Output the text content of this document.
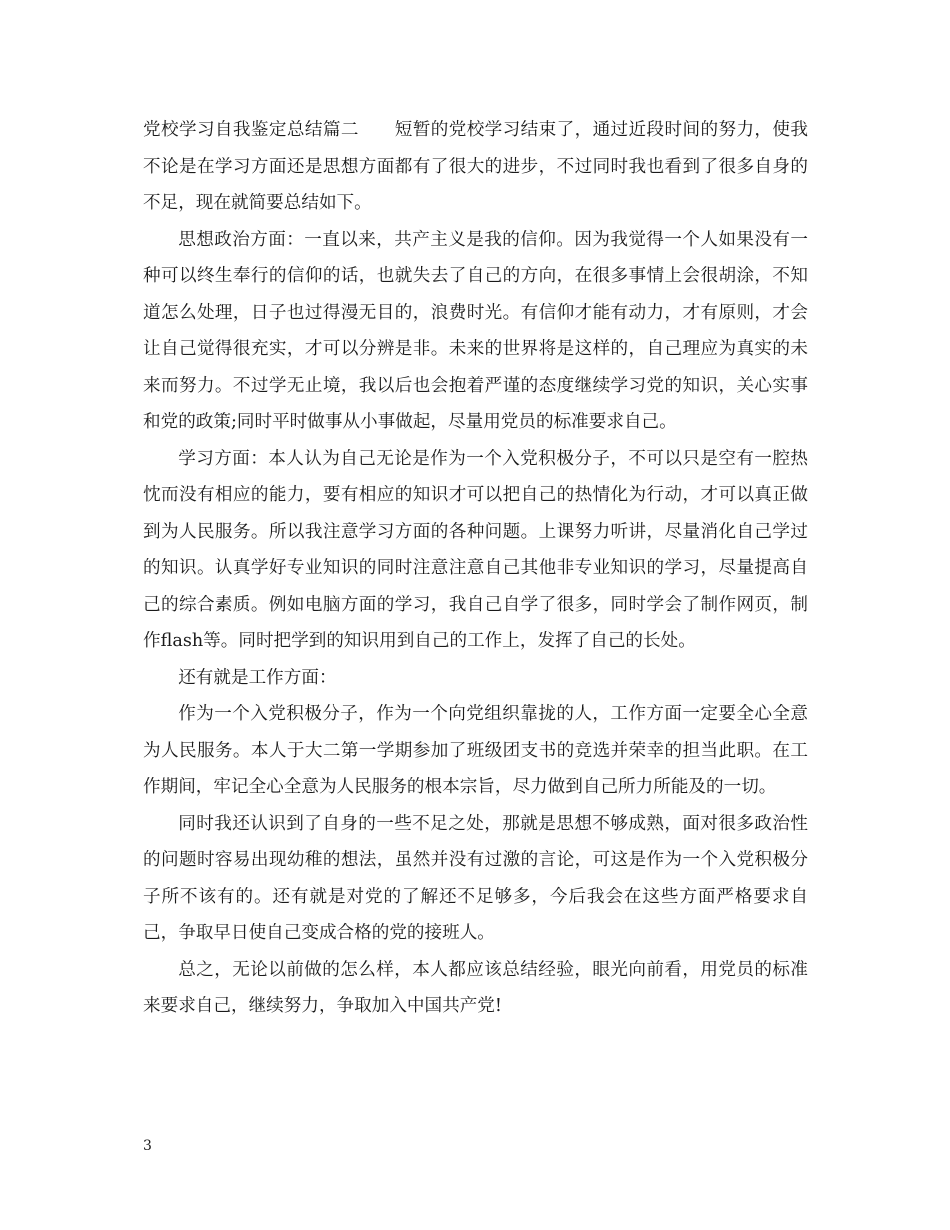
党校学习自我鉴定总结篇二　　短暂的党校学习结束了，通过近段时间的努力，使我不论是在学习方面还是思想方面都有了很大的进步，不过同时我也看到了很多自身的不足，现在就简要总结如下。

思想政治方面：一直以来，共产主义是我的信仰。因为我觉得一个人如果没有一种可以终生奉行的信仰的话，也就失去了自己的方向，在很多事情上会很胡涂，不知道怎么处理，日子也过得漫无目的，浪费时光。有信仰才能有动力，才有原则，才会让自己觉得很充实，才可以分辨是非。未来的世界将是这样的，自己理应为真实的未来而努力。不过学无止境，我以后也会抱着严谨的态度继续学习党的知识，关心实事和党的政策;同时平时做事从小事做起，尽量用党员的标准要求自己。

学习方面：本人认为自己无论是作为一个入党积极分子，不可以只是空有一腔热忱而没有相应的能力，要有相应的知识才可以把自己的热情化为行动，才可以真正做到为人民服务。所以我注意学习方面的各种问题。上课努力听讲，尽量消化自己学过的知识。认真学好专业知识的同时注意注意自己其他非专业知识的学习，尽量提高自己的综合素质。例如电脑方面的学习，我自己自学了很多，同时学会了制作网页，制作flash等。同时把学到的知识用到自己的工作上，发挥了自己的长处。

还有就是工作方面：

作为一个入党积极分子，作为一个向党组织靠拢的人，工作方面一定要全心全意为人民服务。本人于大二第一学期参加了班级团支书的竞选并荣幸的担当此职。在工作期间，牢记全心全意为人民服务的根本宗旨，尽力做到自己所力所能及的一切。

同时我还认识到了自身的一些不足之处，那就是思想不够成熟，面对很多政治性的问题时容易出现幼稚的想法，虽然并没有过激的言论，可这是作为一个入党积极分子所不该有的。还有就是对党的了解还不足够多，今后我会在这些方面严格要求自己，争取早日使自己变成合格的党的接班人。

总之，无论以前做的怎么样，本人都应该总结经验，眼光向前看，用党员的标准来要求自己，继续努力，争取加入中国共产党!

3
